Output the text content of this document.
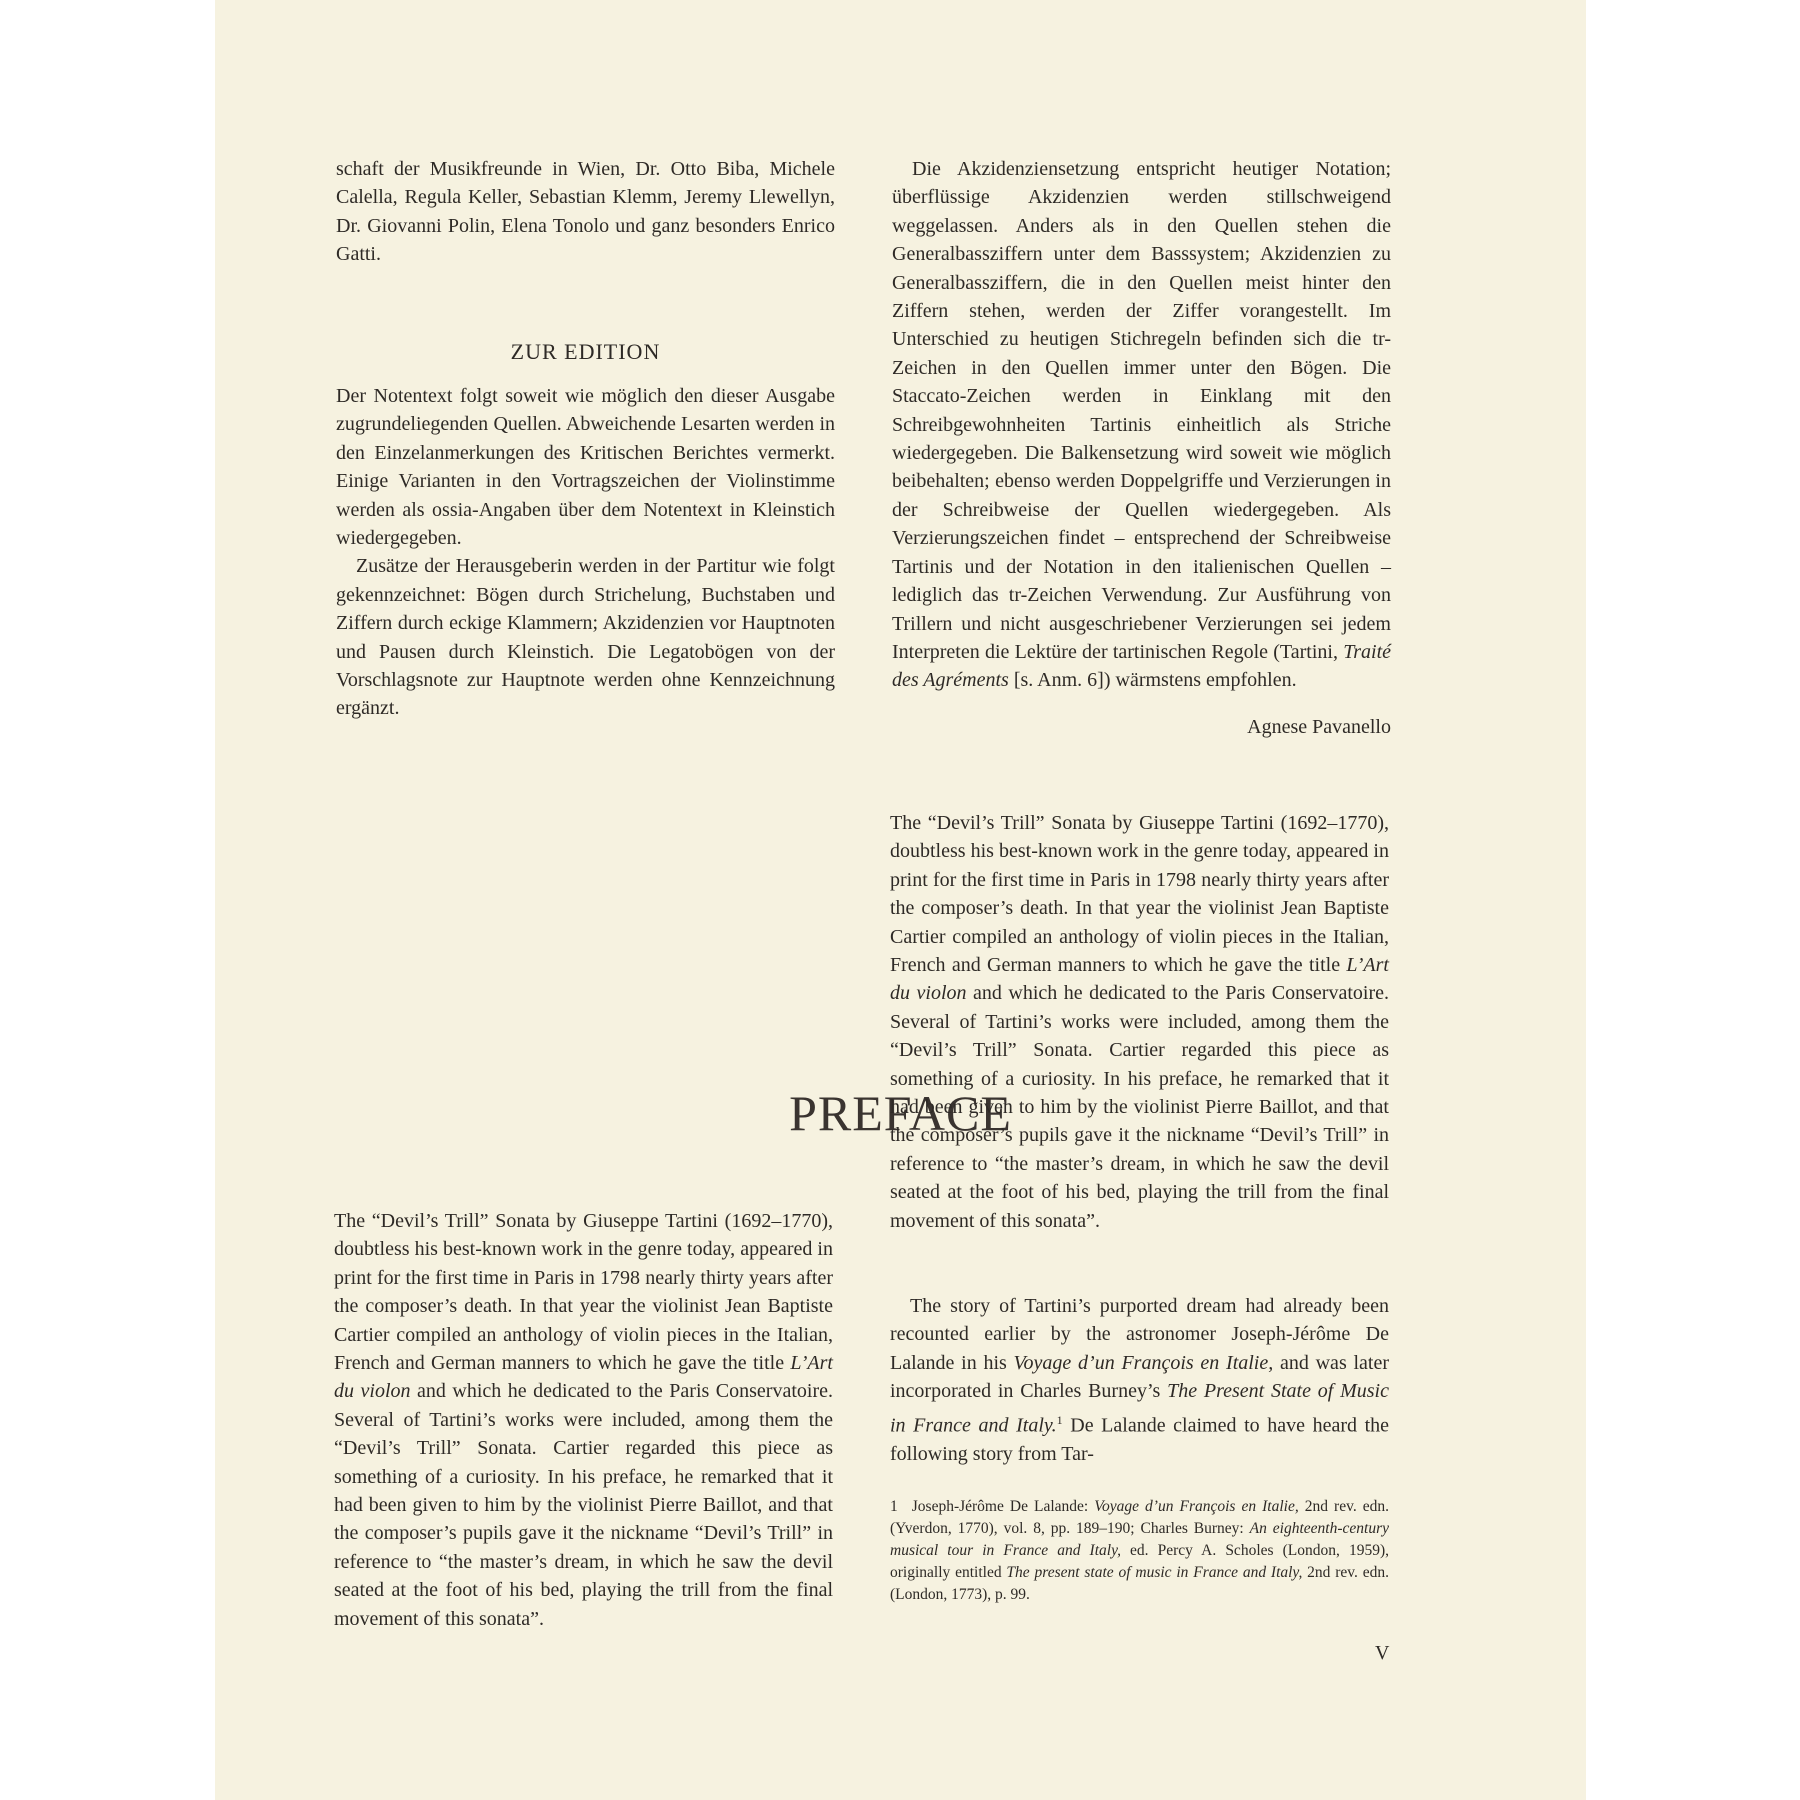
schaft der Musikfreunde in Wien, Dr. Otto Biba, Michele Calella, Regula Keller, Sebastian Klemm, Jeremy Llewellyn, Dr. Giovanni Polin, Elena Tonolo und ganz besonders Enrico Gatti.

ZUR EDITION

Der Notentext folgt soweit wie möglich den dieser Ausgabe zugrundeliegenden Quellen. Abweichende Lesarten werden in den Einzelanmerkungen des Kritischen Berichtes vermerkt. Einige Varianten in den Vortragszeichen der Violinstimme werden als ossia-Angaben über dem Notentext in Kleinstich wiedergegeben.

Zusätze der Herausgeberin werden in der Partitur wie folgt gekennzeichnet: Bögen durch Strichelung, Buchstaben und Ziffern durch eckige Klammern; Akzidenzien vor Hauptnoten und Pausen durch Kleinstich. Die Legatobögen von der Vorschlagsnote zur Hauptnote werden ohne Kennzeichnung ergänzt.

Die Akzidenziensetzung entspricht heutiger Notation; überflüssige Akzidenzien werden stillschweigend weggelassen. Anders als in den Quellen stehen die Generalbassziffern unter dem Basssystem; Akzidenzien zu Generalbassziffern, die in den Quellen meist hinter den Ziffern stehen, werden der Ziffer vorangestellt. Im Unterschied zu heutigen Stichregeln befinden sich die tr-Zeichen in den Quellen immer unter den Bögen. Die Staccato-Zeichen werden in Einklang mit den Schreibgewohnheiten Tartinis einheitlich als Striche wiedergegeben. Die Balkensetzung wird soweit wie möglich beibehalten; ebenso werden Doppelgriffe und Verzierungen in der Schreibweise der Quellen wiedergegeben. Als Verzierungszeichen findet – entsprechend der Schreibweise Tartinis und der Notation in den italienischen Quellen – lediglich das tr-Zeichen Verwendung. Zur Ausführung von Trillern und nicht ausgeschriebener Verzierungen sei jedem Interpreten die Lektüre der tartinischen Regole (Tartini, Traité des Agréments [s. Anm. 6]) wärmstens empfohlen.

Agnese Pavanello

PREFACE

The “Devil’s Trill” Sonata by Giuseppe Tartini (1692–1770), doubtless his best-known work in the genre today, appeared in print for the first time in Paris in 1798 nearly thirty years after the composer’s death. In that year the violinist Jean Baptiste Cartier compiled an anthology of violin pieces in the Italian, French and German manners to which he gave the title L’Art du violon and which he dedicated to the Paris Conservatoire. Several of Tartini’s works were included, among them the “Devil’s Trill” Sonata. Cartier regarded this piece as something of a curiosity. In his preface, he remarked that it had been given to him by the violinist Pierre Baillot, and that the composer’s pupils gave it the nickname “Devil’s Trill” in reference to “the master’s dream, in which he saw the devil seated at the foot of his bed, playing the trill from the final movement of this sonata”.

The “Devil’s Trill” Sonata by Giuseppe Tartini (1692–1770), doubtless his best-known work in the genre today, appeared in print for the first time in Paris in 1798 nearly thirty years after the composer’s death. In that year the violinist Jean Baptiste Cartier compiled an anthology of violin pieces in the Italian, French and German manners to which he gave the title L’Art du violon and which he dedicated to the Paris Conservatoire. Several of Tartini’s works were included, among them the “Devil’s Trill” Sonata. Cartier regarded this piece as something of a curiosity. In his preface, he remarked that it had been given to him by the violinist Pierre Baillot, and that the composer’s pupils gave it the nickname “Devil’s Trill” in reference to “the master’s dream, in which he saw the devil seated at the foot of his bed, playing the trill from the final movement of this sonata”.

The story of Tartini’s purported dream had already been recounted earlier by the astronomer Joseph-Jérôme De Lalande in his Voyage d’un François en Italie, and was later incorporated in Charles Burney’s The Present State of Music in France and Italy.$^1$ De Lalande claimed to have heard the following story from Tar-

1 Joseph-Jérôme De Lalande: Voyage d’un François en Italie, 2nd rev. edn. (Yverdon, 1770), vol. 8, pp. 189–190; Charles Burney: An eighteenth-century musical tour in France and Italy, ed. Percy A. Scholes (London, 1959), originally entitled The present state of music in France and Italy, 2nd rev. edn. (London, 1773), p. 99.

V
